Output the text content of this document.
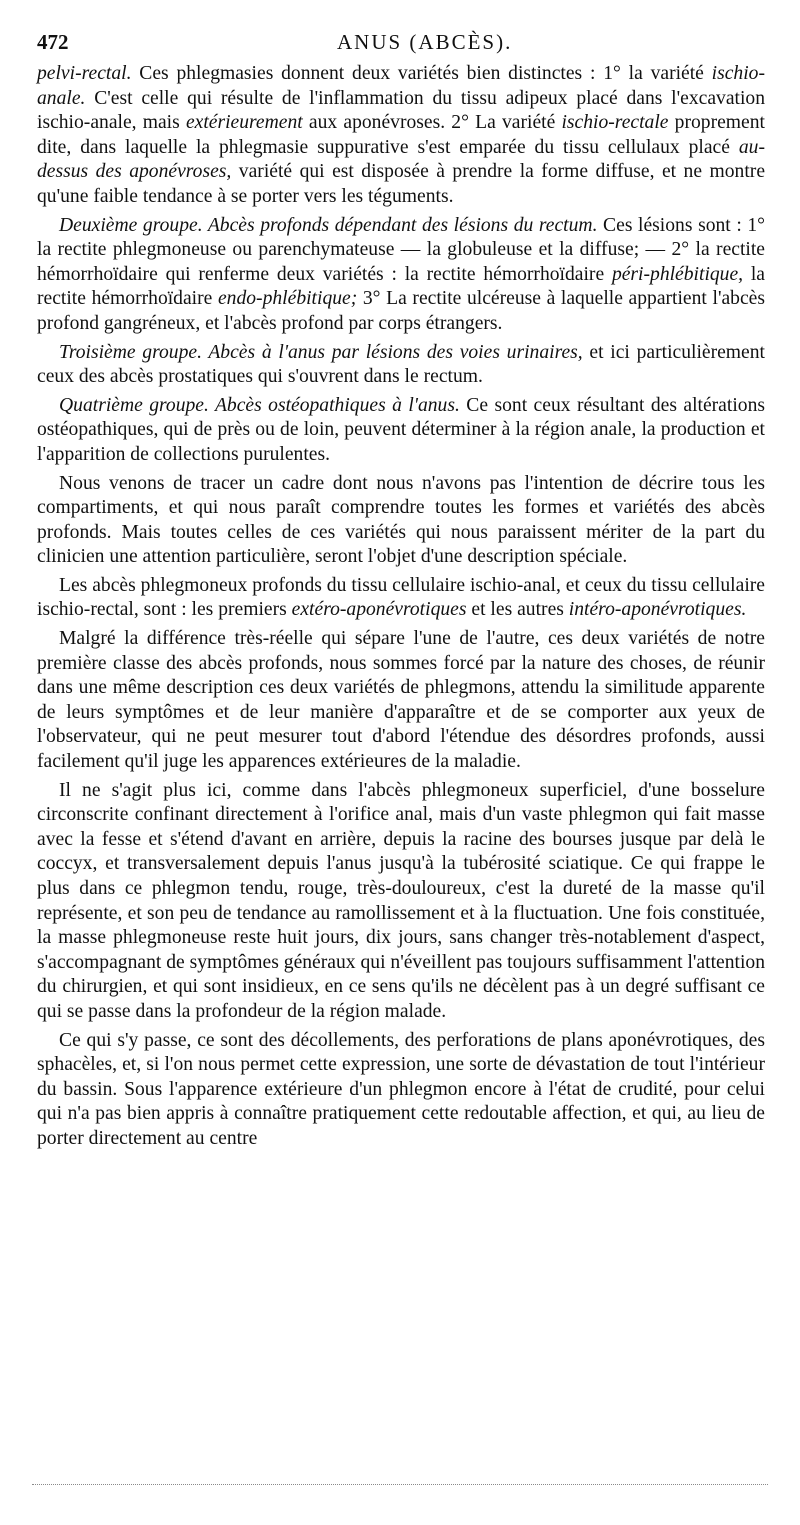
472	ANUS (ABCÈS).

pelvi-rectal. Ces phlegmasies donnent deux variétés bien distinctes : 1° la variété ischio-anale. C'est celle qui résulte de l'inflammation du tissu adipeux placé dans l'excavation ischio-anale, mais extérieurement aux aponévroses. 2° La variété ischio-rectale proprement dite, dans laquelle la phlegmasie suppurative s'est emparée du tissu cellulaux placé au-dessus des aponévroses, variété qui est disposée à prendre la forme diffuse, et ne montre qu'une faible tendance à se porter vers les téguments.

Deuxième groupe. Abcès profonds dépendant des lésions du rectum. Ces lésions sont : 1° la rectite phlegmoneuse ou parenchymateuse — la globuleuse et la diffuse; — 2° la rectite hémorrhoïdaire qui renferme deux variétés : la rectite hémorrhoïdaire péri-phlébitique, la rectite hémorrhoïdaire endo-phlébitique; 3° La rectite ulcéreuse à laquelle appartient l'abcès profond gangréneux, et l'abcès profond par corps étrangers.

Troisième groupe. Abcès à l'anus par lésions des voies urinaires, et ici particulièrement ceux des abcès prostatiques qui s'ouvrent dans le rectum.

Quatrième groupe. Abcès ostéopathiques à l'anus. Ce sont ceux résultant des altérations ostéopathiques, qui de près ou de loin, peuvent déterminer à la région anale, la production et l'apparition de collections purulentes.

Nous venons de tracer un cadre dont nous n'avons pas l'intention de décrire tous les compartiments, et qui nous paraît comprendre toutes les formes et variétés des abcès profonds. Mais toutes celles de ces variétés qui nous paraissent mériter de la part du clinicien une attention particulière, seront l'objet d'une description spéciale.

Les abcès phlegmoneux profonds du tissu cellulaire ischio-anal, et ceux du tissu cellulaire ischio-rectal, sont : les premiers extéro-aponévrotiques et les autres intéro-aponévrotiques.

Malgré la différence très-réelle qui sépare l'une de l'autre, ces deux variétés de notre première classe des abcès profonds, nous sommes forcé par la nature des choses, de réunir dans une même description ces deux variétés de phlegmons, attendu la similitude apparente de leurs symptômes et de leur manière d'apparaître et de se comporter aux yeux de l'observateur, qui ne peut mesurer tout d'abord l'étendue des désordres profonds, aussi facilement qu'il juge les apparences extérieures de la maladie.

Il ne s'agit plus ici, comme dans l'abcès phlegmoneux superficiel, d'une bosselure circonscrite confinant directement à l'orifice anal, mais d'un vaste phlegmon qui fait masse avec la fesse et s'étend d'avant en arrière, depuis la racine des bourses jusque par delà le coccyx, et transversalement depuis l'anus jusqu'à la tubérosité sciatique. Ce qui frappe le plus dans ce phlegmon tendu, rouge, très-douloureux, c'est la dureté de la masse qu'il représente, et son peu de tendance au ramollissement et à la fluctuation. Une fois constituée, la masse phlegmoneuse reste huit jours, dix jours, sans changer très-notablement d'aspect, s'accompagnant de symptômes généraux qui n'éveillent pas toujours suffisamment l'attention du chirurgien, et qui sont insidieux, en ce sens qu'ils ne décèlent pas à un degré suffisant ce qui se passe dans la profondeur de la région malade.

Ce qui s'y passe, ce sont des décollements, des perforations de plans aponévrotiques, des sphacèles, et, si l'on nous permet cette expression, une sorte de dévastation de tout l'intérieur du bassin. Sous l'apparence extérieure d'un phlegmon encore à l'état de crudité, pour celui qui n'a pas bien appris à connaître pratiquement cette redoutable affection, et qui, au lieu de porter directement au centre
